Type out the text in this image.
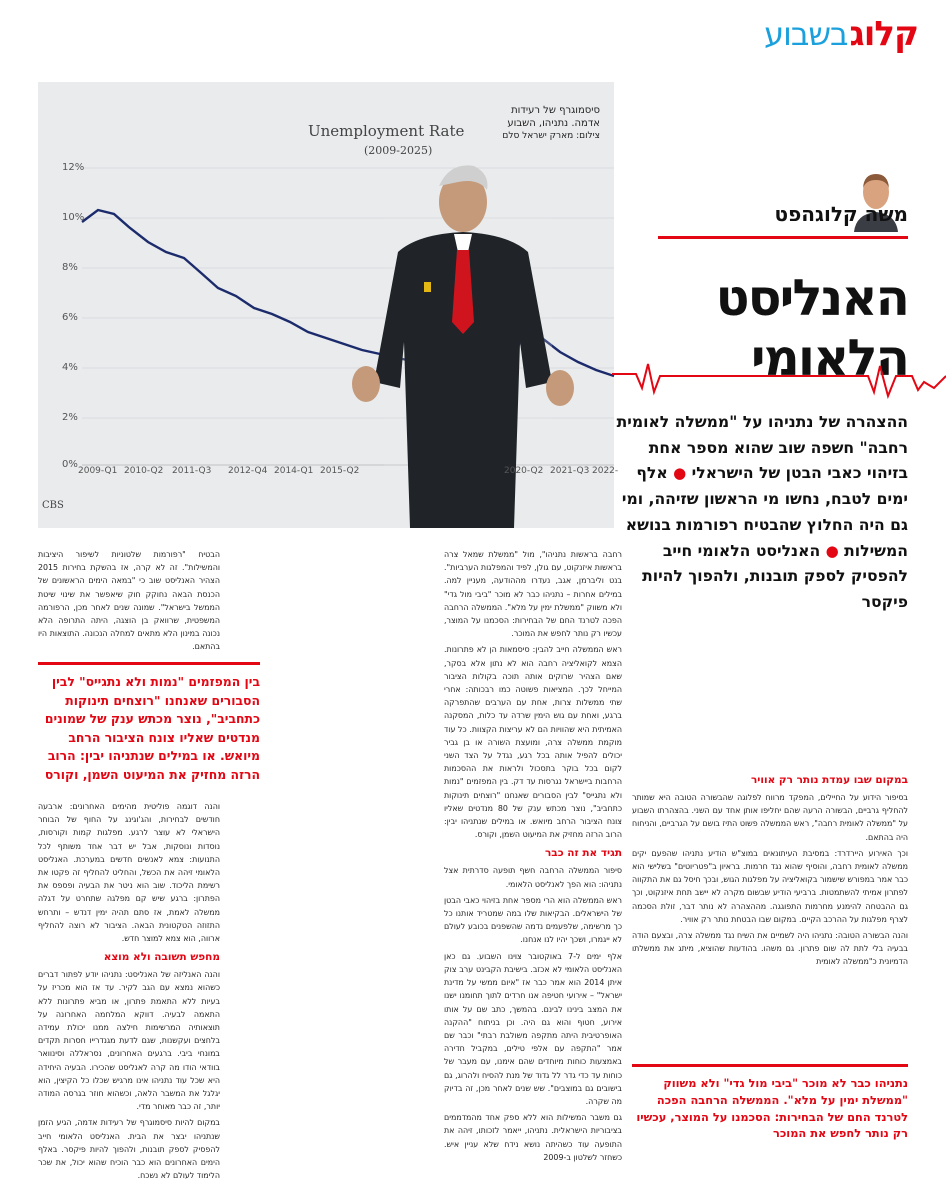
קלוג
בשבוע
סיסמוגרף של רעידות
אדמה. נתניהו, השבוע
צילום: מארק ישראל סלם
Unemployment Rate
(2009-2025)
12%
10%
8%
6%
4%
2%
0%
2009-Q1 2010-Q2 2011-Q3 2012-Q4 2014-Q1 2015-Q2	2020-Q2 2021-Q3 2022-
CBS
משה קלוגהפט
האנליסט
הלאומי
ההצהרה של נתניהו על "ממשלה לאומית רחבה" חשפה שוב שהוא מספר אחת בזיהוי כאבי הבטן של הישראלי ● אלף ימים לטבח, נחשו מי הראשון שזיהה, ומי גם היה החלוץ שהבטיח רפורמות בנושא המשילות ● האנליסט הלאומי חייב להפסיק לספק תובנות, ולהפוך להיות פיקסר
במקום שבו עמדת נותר רק אוויר

בסיפור הידוע על החיילים, המפקד מרווח לפלוגה שהבשורה הטובה היא שמותר להחליף גרביים, הבשורה הרעה שהם יחליפו אותן אחד עם השני. בהצהרתו השבוע על "ממשלה לאומית רחבה", ראש הממשלה פשוט התיז בושם על הגרביים, והניחוח היה בהתאם.

וכך האירוע היירדרד: במסיבת העיתונאים במוצ"ש הודיע נתניהו שהפעם יקים ממשלה לאומית רחבה, והוסיף שהוא נגד חרמות. בראיון ב"פטריוטים" בשלישי הוא כבר אמר במפורש שישמור בקואליציה על מפלגות הגוש, ובכך חיסל גם את התקווה לפתרון אמיתי להשתמטות. ברביעי הודיע שבשום מקרה לא יישב תחת איזנקוט, וכך גם ההבטחה להימנע מחרמות התפוגגה. מההצהרה לא נותר דבר, זולת הסכמה לצרף מפלגות על ההרכב הקיים. במקום שבו הבטחת נותר רק אוויר.

והנה הבשורה הטובה: נתניהו היה לשמיים את השיח נגד ממשלה צרה, ובצעם הודה בבעיה בלי לתת לה שום פתרון. גם משהו. בהודעות שהוציא, מיתג את ממשלתו הדמיונית כ"ממשלה לאומית

נתניהו כבר לא מוכר "ביבי מול גדי" ולא משווק "ממשלת ימין על מלא". הממשלה הרחבה הפכה לטרנד החם של הבחירות: הסכמנו על המוצר, עכשיו רק נותר לחפש את המוכר

רחבה בראשות נתניהו", מול "ממשלת שמאל צרה בראשות איזנקוט, עם גולן, לפיד והמפלגות הערביות". בנט וליברמן, אגב, נעדרו מההודעה, מעניין למה. במילים אחרות – נתניהו כבר לא מוכר "ביבי מול גדי" ולא משווק "ממשלת ימין על מלא". הממשלה הרחבה הפכה לטרנד החם של הבחירות: הסכמנו על המוצר, עכשיו רק נותר לחפש את המוכר.

ראש הממשלה חייב להבין: סיסמאות הן לא פתרונות. הצמא לקואליציה רחבה הוא לא נתון אלא בסקר, שאם הצהיר שרוקים אותה תוכה בקולות הציבור המייחל לכך. המציאות פשוטה כמו רבכותה: אחרי שתי ממשלות צרות, אחת עם הערבים שהתפרקה ברגע, ואחת עם גוש הימין שרדה עד כלות, המסקנה האמיתית היא שהוויות הם לא עריצות הקצוות. כל עוד מוקמת ממשלה צרה, ומועצת השורה או בן גביר יכולים להפיל אותה בכל רגע, נגדל על הצד השני לקום בכל בוקר בתסכול ולראות את ההסכמות הרחבות ביישראל נגרסות עד דק. בין המפזמים "נמות ולא נתגייס" לבין הסבורים שאנחנו "רוצחים תינוקות כתחביב", נוצר מכתש ענק של 80 מנדטים שאליו צונח הציבור הרחב מיואש. או במילים שנתניהו יבין: הרוב הרזה מחזיק את המיעוט השמן, וקורס.

תגיד את זה כבר

סיפור הממשלה הרחבה חשף תופעה סדרתית אצל נתניהו: הוא הפך לאנליסט הלאומי.

ראש הממשלה הוא הרי מספר אחת בזיהוי כאבי הבטן של הישראלים. הבקיאות שלו במה שמטריד אותנו כל כך מרשימה, שלפעמים נדמה שהשפנים בכובע לעולם לא ייגמרו, ושכך יהיו לנו אנחנו.

אלף ימים ל-7 באוקטובר צוינו השבוע. גם כאן האנליסט הלאומי לא אכזב. בישיבת הקבינט ערב צוק איתן 2014 הוא אמר כבר אז "איום ממשי על מדינת ישראל" – אירועי חטיפה אנו חרדים לתוך תחומנו ישנו את המצב בינינו לבינם. בהמשך, כתב שם על אותו אירוע, חטוף והוא גם היה. וכן בניתוח "ההקנה האופרטיבית היתה מתקפה משולבת רבתי" וכבר שם אמר "התקפה עם אלפי טילים, במקביל חדירה באמצעות כוחות מיוחדים שהם אימנו, עם מעבר של כוחות עד כדי גדר לל גדוד של מנת להסיח ולהרוג, גם בישובים גם במוצבים". שש שנים לאחר מכן, זה בדיוק מה שקרה.

גם משבר המשילות הוא ללא ספק אחד מהמדממים בציבוריות הישראלית. נתניהו, ייאמר לזכותו, זיהה את התופעה עוד כשהיתה נושא נידח שלא עניין איש. כשחזר לשלטון ב-2009

הבטיח "רפורמות שלטוניות לשיפור היציבות והמשילות". זה לא קרה, אז בהשקת בחירות 2015 הצהיר האנליסט שוב כי "במאה הימים הראשונים של הכנסת הבאה נחוקק חוק שיאפשר את שינוי שיטת הממשל בישראל". שמונה שנים לאחר מכן, הרפורמה המשפטית, שרוואק בן הוצגה, היתה התרופה הלא נכונה במינון הלא מתאים למחלה הנכונה. התוצאות היו בהתאם.

בין המפזמים "נמות ולא נתגייס" לבין הסבורים שאנחנו "רוצחים תינוקות כתחביב", נוצר מכתש ענק של שמונים מנדטים שאליו צונח הציבור הרחב מיואש. או במילים שנתניהו יבין: הרוב הרזה מחזיק את המיעוט השמן, וקורס

והנה דוגמה פוליטית מהימים האחרונים: ארבעה חודשים לבחירות, והג'וגינג על החוף של הבוחר הישראלי לא עוצר לרגע. מפלגות קמות וקורסות, נוסדות ונוסקות, אבל יש דבר אחד משותף לכל התנועות: צמא לאנשים חדשים במערכת. האנליסט הלאומי זיהה את הכשל, והחליט להחליף זה פקטו את רשימת הליכוד. שוב הוא ניטר את הבעיה ופספס את הפתרון: ברגע שיש קם מפלגה שתחרט על דגלה ממשלה לאמת, אז סתם תהיה ימין דנדש – ותרחש התזוזה הטקטונית הבאה. הציבור לא רוצה להחליף ארווה, הוא צמא למוצר חדש.

מחפש תשובה ולא מוצא

והנה האנליזה של האנליסט: נתניהו יודע לפתור דברים כשהוא נמצא עם הגב לקיר. עד אז הוא מכריז על בעיות ללא התאמת פתרון, או מביא פתרונות ללא התאמה לבעיה. דווקא המלחמה האחרונה על תוצאותיה המרשימות חילצה ממנו יכולת עמידה בלחצים ועקשנות, שגם לדעת מגנדרייו חסרות תקדים במונחי ביבי. ברגעים האחרונים, נסראללה וסינוואר בוודאי הודו מה קרה לאנליסט שהכירו. הבעיה היחידה היא שכל עוד נתניהו אינו מרגיש שכלו כל הקיצין, הוא יגלגל את המשבר הלאה, וכשהוא חוזר בגרסה המודה יותר, זה כבר מאוחר מדי.

במקום להיות סיסמוגרף של רעידות אדמה, הגיע הזמן שנתניהו יבצר את הבית. האנליסט הלאומי חייב להפסיק לספק תובנות, ולהפוך להיות פיקסר. באלף הימים האחרונים הוא כבר הוכיח שהוא יכול, את שכר הלימוד לעולם לא נשכח.
